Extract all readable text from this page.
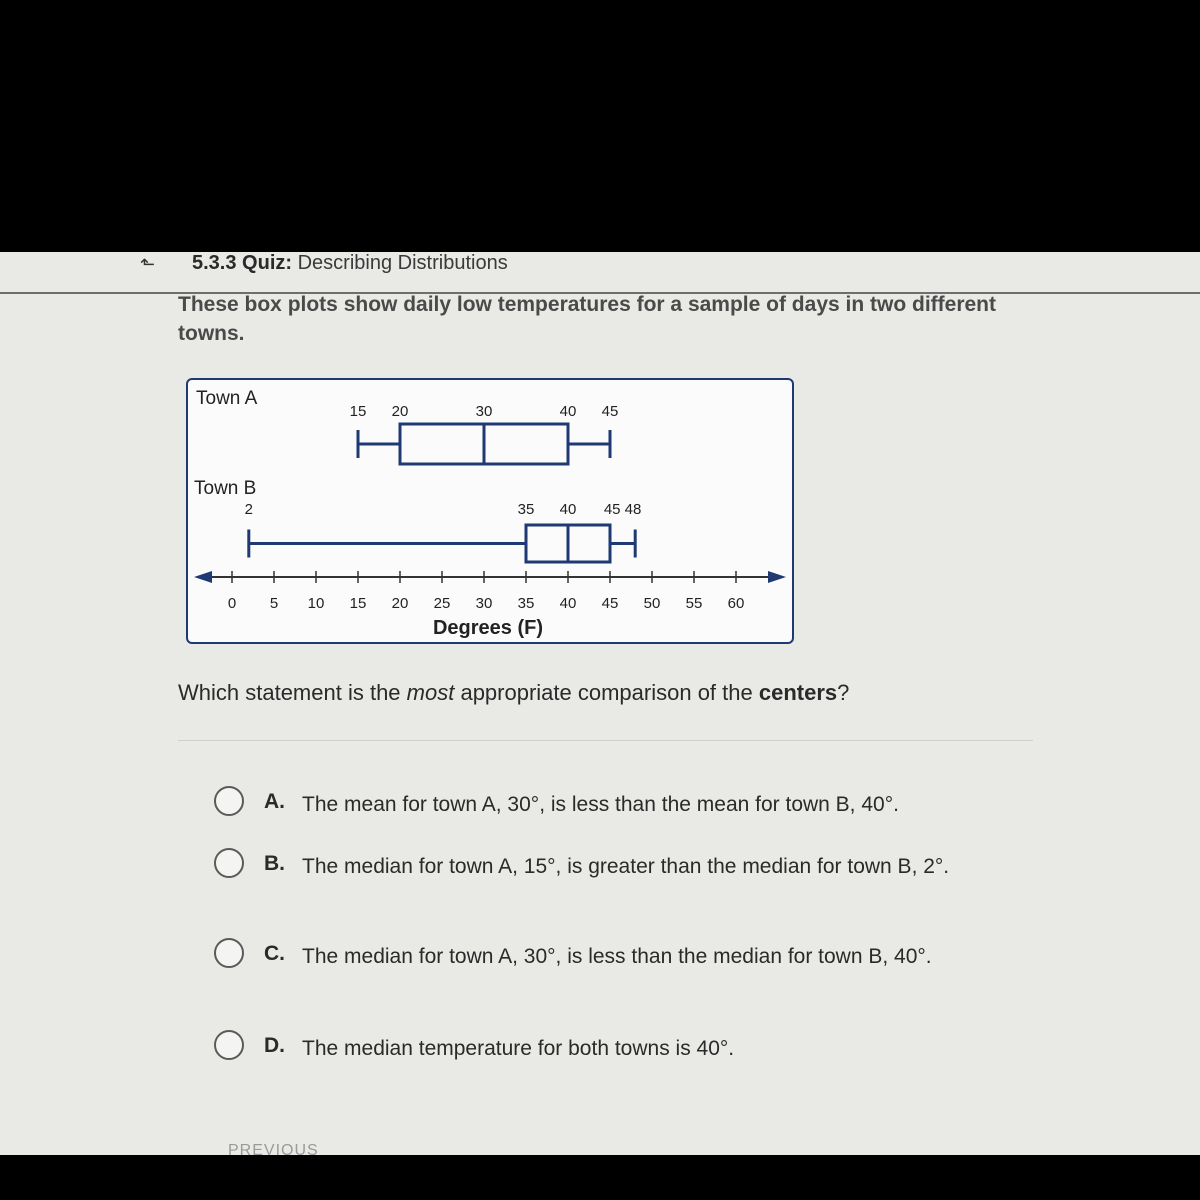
⬑	5.3.3 Quiz: Describing Distributions
These box plots show daily low temperatures for a sample of days in two different towns.
Town A
15 20	30	40 45
Town B
2	35 40 45 48
0 5 10 15 20 25 30 35 40 45 50 55 60
Degrees (F)
Which statement is the most appropriate comparison of the centers?
A. The mean for town A, 30°, is less than the mean for town B, 40°.
B. The median for town A, 15°, is greater than the median for town B, 2°.
C. The median for town A, 30°, is less than the median for town B, 40°.
D. The median temperature for both towns is 40°.
PREVIOUS
